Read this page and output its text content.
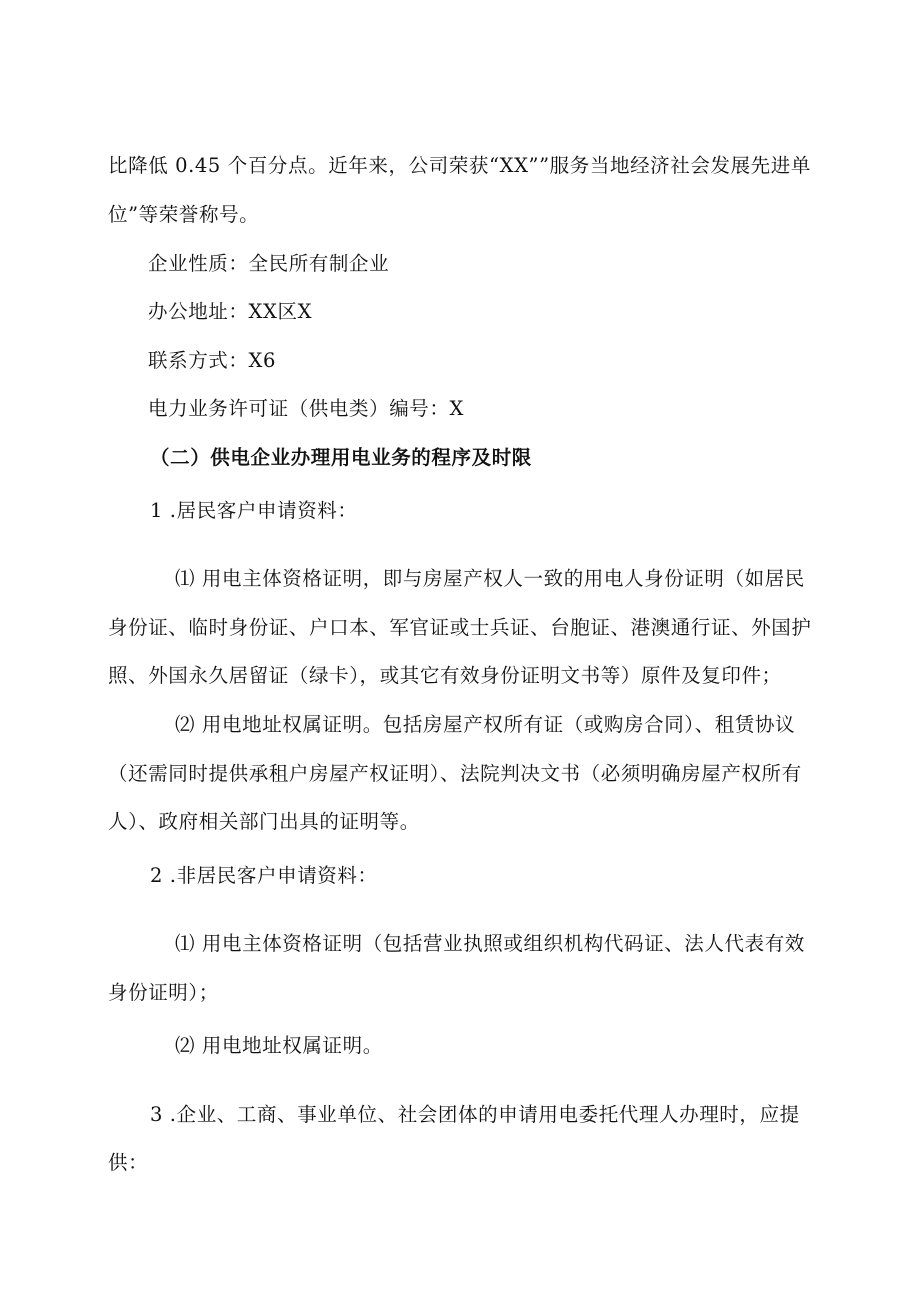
比降低 0.45 个百分点。近年来，公司荣获“XX””服务当地经济社会发展先进单
位”等荣誉称号。
企业性质：全民所有制企业
办公地址：XX区X
联系方式：X6
电力业务许可证（供电类）编号：X
（二）供电企业办理用电业务的程序及时限
1 .居民客户申请资料：
⑴ 用电主体资格证明，即与房屋产权人一致的用电人身份证明（如居民
身份证、临时身份证、户口本、军官证或士兵证、台胞证、港澳通行证、外国护
照、外国永久居留证（绿卡），或其它有效身份证明文书等）原件及复印件；
⑵ 用电地址权属证明。包括房屋产权所有证（或购房合同）、租赁协议
（还需同时提供承租户房屋产权证明）、法院判决文书（必须明确房屋产权所有
人）、政府相关部门出具的证明等。
2 .非居民客户申请资料：
⑴ 用电主体资格证明（包括营业执照或组织机构代码证、法人代表有效
身份证明）；
⑵ 用电地址权属证明。
3 .企业、工商、事业单位、社会团体的申请用电委托代理人办理时，应提
供：
